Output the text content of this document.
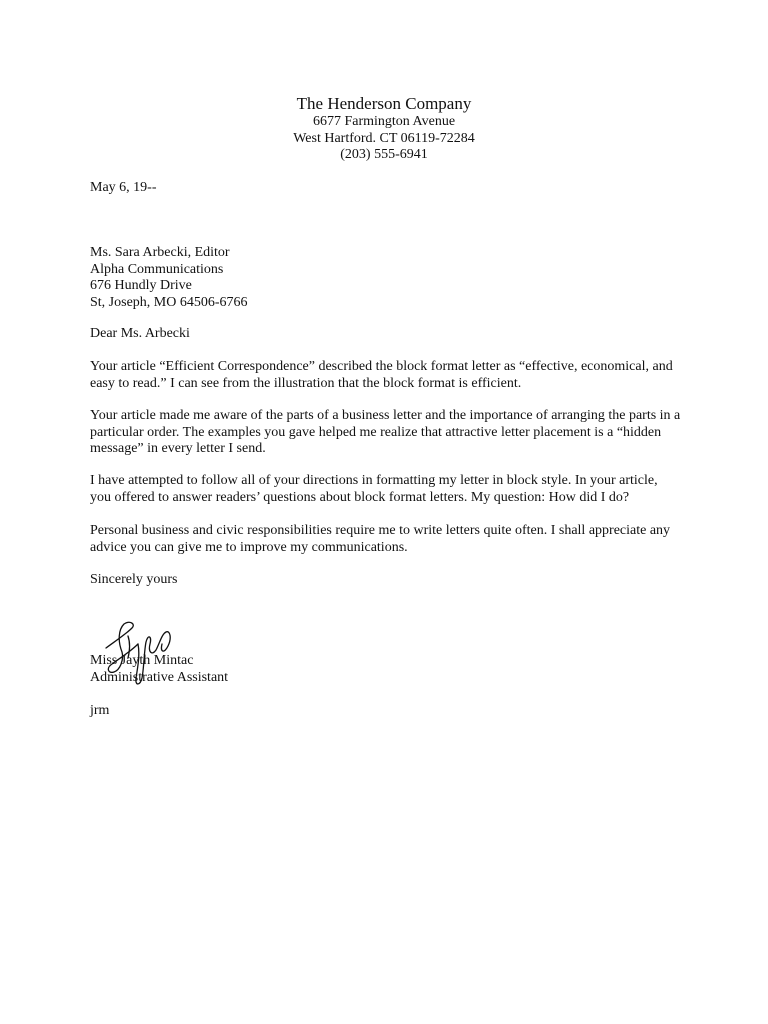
The Henderson Company
6677 Farmington Avenue
West Hartford. CT 06119-72284
(203) 555-6941
May 6, 19--
Ms. Sara Arbecki, Editor
Alpha Communications
676 Hundly Drive
St, Joseph, MO 64506-6766
Dear Ms. Arbecki
Your article “Efficient Correspondence” described the block format letter as “effective, economical, and
easy to read.” I can see from the illustration that the block format is efficient.
Your article made me aware of the parts of a business letter and the importance of arranging the parts in a
particular order. The examples you gave helped me realize that attractive letter placement is a “hidden
message” in every letter I send.
I have attempted to follow all of your directions in formatting my letter in block style. In your article,
you offered to answer readers’ questions about block format letters. My question: How did I do?
Personal business and civic responsibilities require me to write letters quite often. I shall appreciate any
advice you can give me to improve my communications.
Sincerely yours
Miss Jayth Mintac
Administrative Assistant
jrm
